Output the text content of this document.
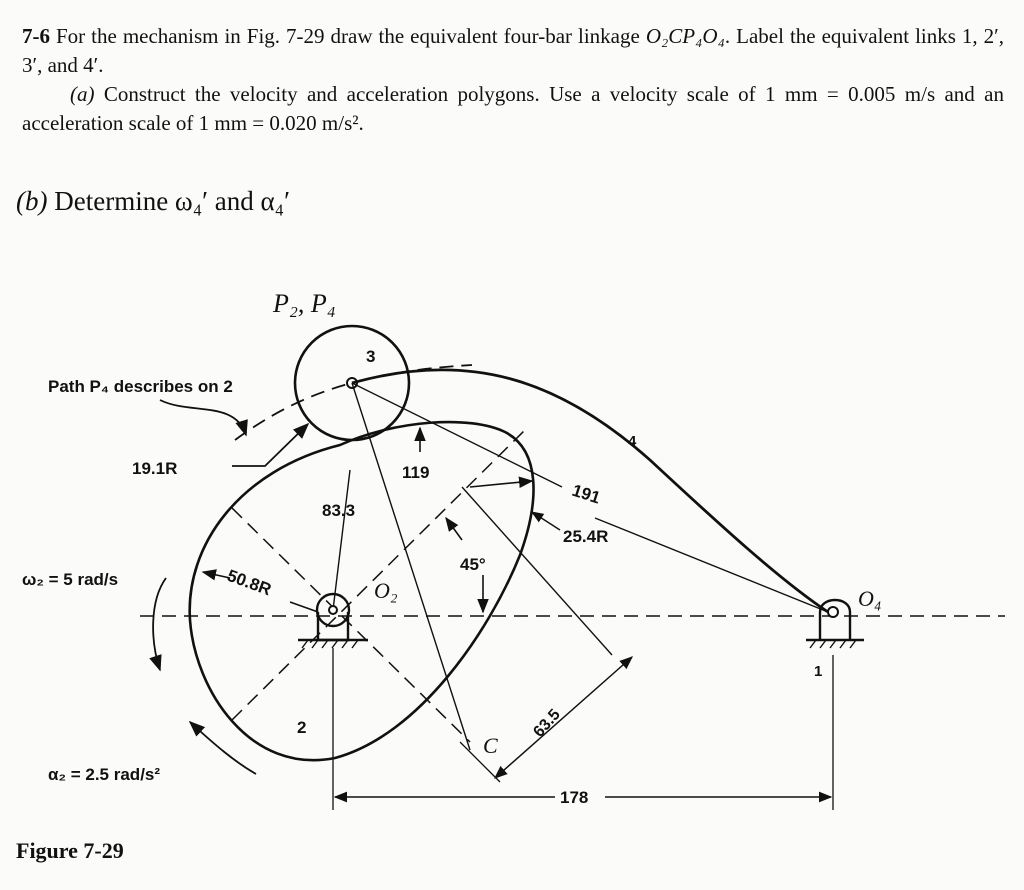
7-6 For the mechanism in Fig. 7-29 draw the equivalent four-bar linkage O₂CP₄O₄. Label the equivalent links 1, 2′, 3′, and 4′.

(a) Construct the velocity and acceleration polygons. Use a velocity scale of 1 mm = 0.005 m/s and an acceleration scale of 1 mm = 0.020 m/s².

(b) Determine ω₄′ and α₄′
P₂, P₄
3
Path P₄ describes on 2
19.1R	119
4
191
83.3
25.4R
45°
ω₂ = 5 rad/s	50.8R	O₂	O₄
1
63.5
2
C
α₂ = 2.5 rad/s²
178
Figure 7-29
